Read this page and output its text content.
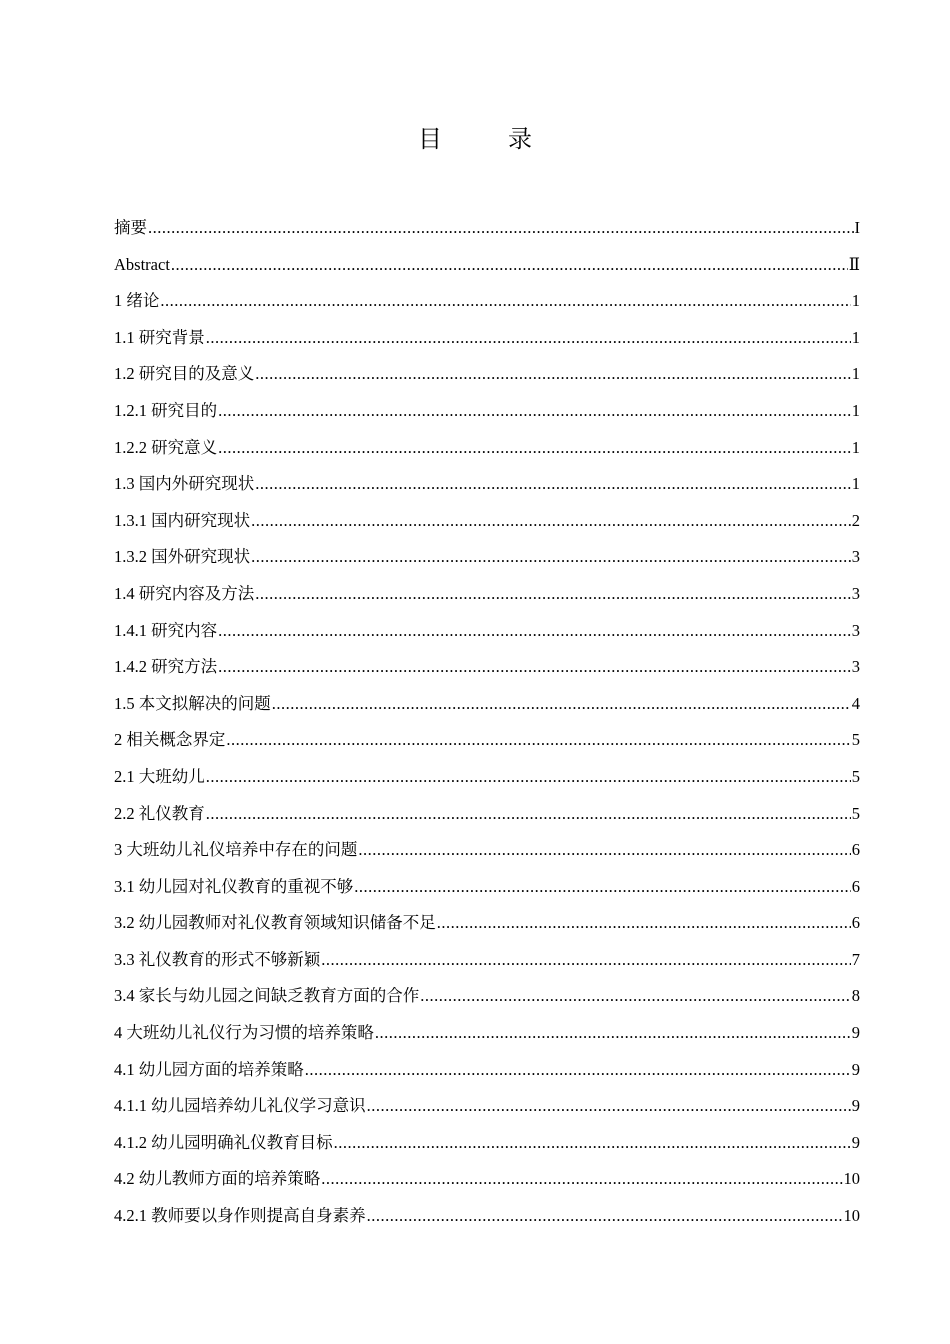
目 录
摘要 .....	I
Abstract .....	Ⅱ
1 绪论 .....	1
1.1 研究背景 .....	1
1.2 研究目的及意义 .....	1
1.2.1 研究目的 .....	1
1.2.2 研究意义 .....	1
1.3 国内外研究现状 .....	1
1.3.1 国内研究现状 .....	2
1.3.2 国外研究现状 .....	3
1.4 研究内容及方法 .....	3
1.4.1 研究内容 .....	3
1.4.2 研究方法 .....	3
1.5 本文拟解决的问题 .....	4
2 相关概念界定 .....	5
2.1 大班幼儿 .....	5
2.2 礼仪教育 .....	5
3 大班幼儿礼仪培养中存在的问题 .....	6
3.1 幼儿园对礼仪教育的重视不够 .....	6
3.2 幼儿园教师对礼仪教育领域知识储备不足 .....	6
3.3 礼仪教育的形式不够新颖 .....	7
3.4 家长与幼儿园之间缺乏教育方面的合作 .....	8
4 大班幼儿礼仪行为习惯的培养策略 .....	9
4.1 幼儿园方面的培养策略 .....	9
4.1.1 幼儿园培养幼儿礼仪学习意识 .....	9
4.1.2 幼儿园明确礼仪教育目标 .....	9
4.2 幼儿教师方面的培养策略 .....	10
4.2.1 教师要以身作则提高自身素养 .....	10
